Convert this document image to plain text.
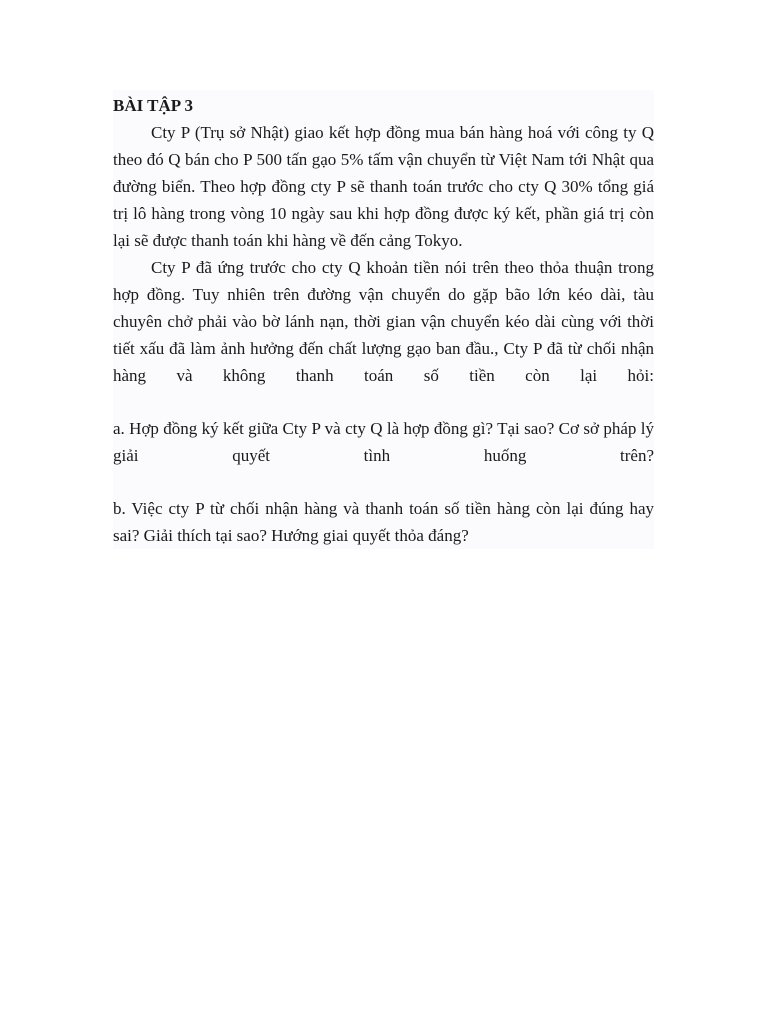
BÀI TẬP 3

Cty P (Trụ sở Nhật) giao kết hợp đồng mua bán hàng hoá với công ty Q theo đó Q bán cho P 500 tấn gạo 5% tấm vận chuyển từ Việt Nam tới Nhật qua đường biển. Theo hợp đồng cty P sẽ thanh toán trước cho cty Q 30% tổng giá trị lô hàng trong vòng 10 ngày sau khi hợp đồng được ký kết, phần giá trị còn lại sẽ được thanh toán khi hàng về đến cảng Tokyo.

Cty P đã ứng trước cho cty Q khoản tiền nói trên theo thỏa thuận trong hợp đồng. Tuy nhiên trên đường vận chuyển do gặp bão lớn kéo dài, tàu chuyên chở phải vào bờ lánh nạn, thời gian vận chuyển kéo dài cùng với thời tiết xấu đã làm ảnh hưởng đến chất lượng gạo ban đầu., Cty P đã từ chối nhận hàng và không thanh toán số tiền còn lại hỏi:

a. Hợp đồng ký kết giữa Cty P và cty Q là hợp đồng gì? Tại sao? Cơ sở pháp lý giải quyết tình huống trên?

b. Việc cty P từ chối nhận hàng và thanh toán số tiền hàng còn lại đúng hay sai? Giải thích tại sao? Hướng giai quyết thỏa đáng?
